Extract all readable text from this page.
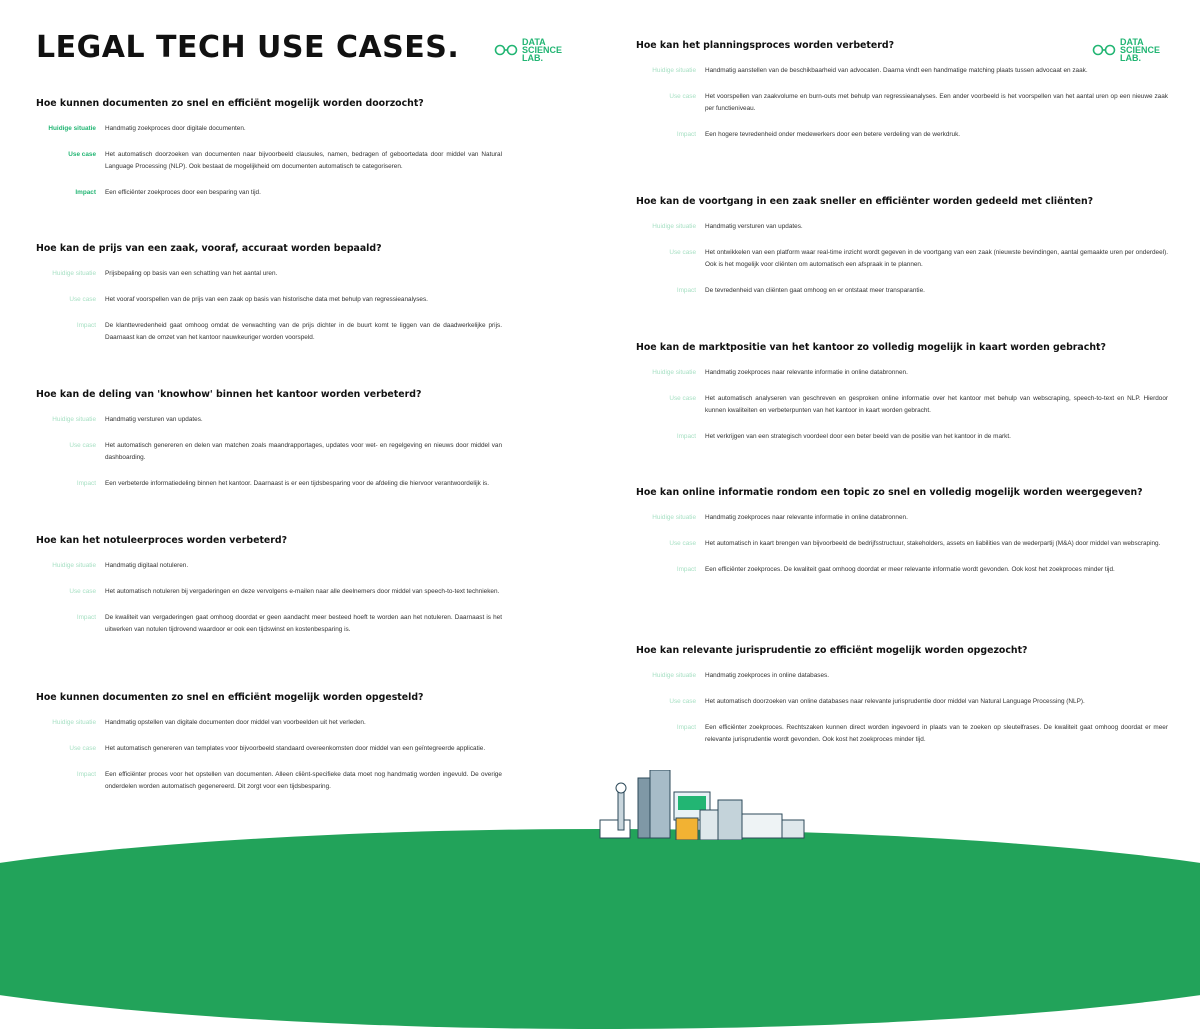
LEGAL TECH USE CASES.	DATA
SCIENCE
LAB.
DATA
SCIENCE
LAB.

Hoe kunnen documenten zo snel en efficiënt mogelijk worden doorzocht?

Huidige situatie	Handmatig zoekproces door digitale documenten.
Use case	Het automatisch doorzoeken van documenten naar bijvoorbeeld clausules, namen, bedragen of geboortedata door middel van Natural Language Processing (NLP). Ook bestaat de mogelijkheid om documenten automatisch te categoriseren.
Impact	Een efficiënter zoekproces door een besparing van tijd.

Hoe kan de prijs van een zaak, vooraf, accuraat worden bepaald?

Huidige situatie	Prijsbepaling op basis van een schatting van het aantal uren.
Use case	Het vooraf voorspellen van de prijs van een zaak op basis van historische data met behulp van regressieanalyses.
Impact	De klanttevredenheid gaat omhoog omdat de verwachting van de prijs dichter in de buurt komt te liggen van de daadwerkelijke prijs. Daarnaast kan de omzet van het kantoor nauwkeuriger worden voorspeld.

Hoe kan de deling van 'knowhow' binnen het kantoor worden verbeterd?

Huidige situatie	Handmatig versturen van updates.
Use case	Het automatisch genereren en delen van matchen zoals maandrapportages, updates voor wet- en regelgeving en nieuws door middel van dashboarding.
Impact	Een verbeterde informatiedeling binnen het kantoor. Daarnaast is er een tijdsbesparing voor de afdeling die hiervoor verantwoordelijk is.

Hoe kan het notuleerproces worden verbeterd?

Huidige situatie	Handmatig digitaal notuleren.
Use case	Het automatisch notuleren bij vergaderingen en deze vervolgens e-mailen naar alle deelnemers door middel van speech-to-text technieken.
Impact	De kwaliteit van vergaderingen gaat omhoog doordat er geen aandacht meer besteed hoeft te worden aan het notuleren. Daarnaast is het uitwerken van notulen tijdrovend waardoor er ook een tijdswinst en kostenbesparing is.

Hoe kunnen documenten zo snel en efficiënt mogelijk worden opgesteld?

Huidige situatie	Handmatig opstellen van digitale documenten door middel van voorbeelden uit het verleden.
Use case	Het automatisch genereren van templates voor bijvoorbeeld standaard overeenkomsten door middel van een geïntegreerde applicatie.
Impact	Een efficiënter proces voor het opstellen van documenten. Alleen cliënt-specifieke data moet nog handmatig worden ingevuld. De overige onderdelen worden automatisch gegenereerd. Dit zorgt voor een tijdsbesparing.

Hoe kan het planningsproces worden verbeterd?

Huidige situatie	Handmatig aanstellen van de beschikbaarheid van advocaten. Daarna vindt een handmatige matching plaats tussen advocaat en zaak.
Use case	Het voorspellen van zaakvolume en burn-outs met behulp van regressieanalyses. Een ander voorbeeld is het voorspellen van het aantal uren op een nieuwe zaak per functieniveau.
Impact	Een hogere tevredenheid onder medewerkers door een betere verdeling van de werkdruk.

Hoe kan de voortgang in een zaak sneller en efficiënter worden gedeeld met cliënten?

Huidige situatie	Handmatig versturen van updates.
Use case	Het ontwikkelen van een platform waar real-time inzicht wordt gegeven in de voortgang van een zaak (nieuwste bevindingen, aantal gemaakte uren per onderdeel). Ook is het mogelijk voor cliënten om automatisch een afspraak in te plannen.
Impact	De tevredenheid van cliënten gaat omhoog en er ontstaat meer transparantie.

Hoe kan de marktpositie van het kantoor zo volledig mogelijk in kaart worden gebracht?

Huidige situatie	Handmatig zoekproces naar relevante informatie in online databronnen.
Use case	Het automatisch analyseren van geschreven en gesproken online informatie over het kantoor met behulp van webscraping, speech-to-text en NLP. Hierdoor kunnen kwaliteiten en verbeterpunten van het kantoor in kaart worden gebracht.
Impact	Het verkrijgen van een strategisch voordeel door een beter beeld van de positie van het kantoor in de markt.

Hoe kan online informatie rondom een topic zo snel en volledig mogelijk worden weergegeven?

Huidige situatie	Handmatig zoekproces naar relevante informatie in online databronnen.
Use case	Het automatisch in kaart brengen van bijvoorbeeld de bedrijfsstructuur, stakeholders, assets en liabilities van de wederpartij (M&A) door middel van webscraping.
Impact	Een efficiënter zoekproces. De kwaliteit gaat omhoog doordat er meer relevante informatie wordt gevonden. Ook kost het zoekproces minder tijd.

Hoe kan relevante jurisprudentie zo efficiënt mogelijk worden opgezocht?

Huidige situatie	Handmatig zoekproces in online databases.
Use case	Het automatisch doorzoeken van online databases naar relevante jurisprudentie door middel van Natural Language Processing (NLP).
Impact	Een efficiënter zoekproces. Rechtszaken kunnen direct worden ingevoerd in plaats van te zoeken op sleutelfrases. De kwaliteit gaat omhoog doordat er meer relevante jurisprudentie wordt gevonden. Ook kost het zoekproces minder tijd.
